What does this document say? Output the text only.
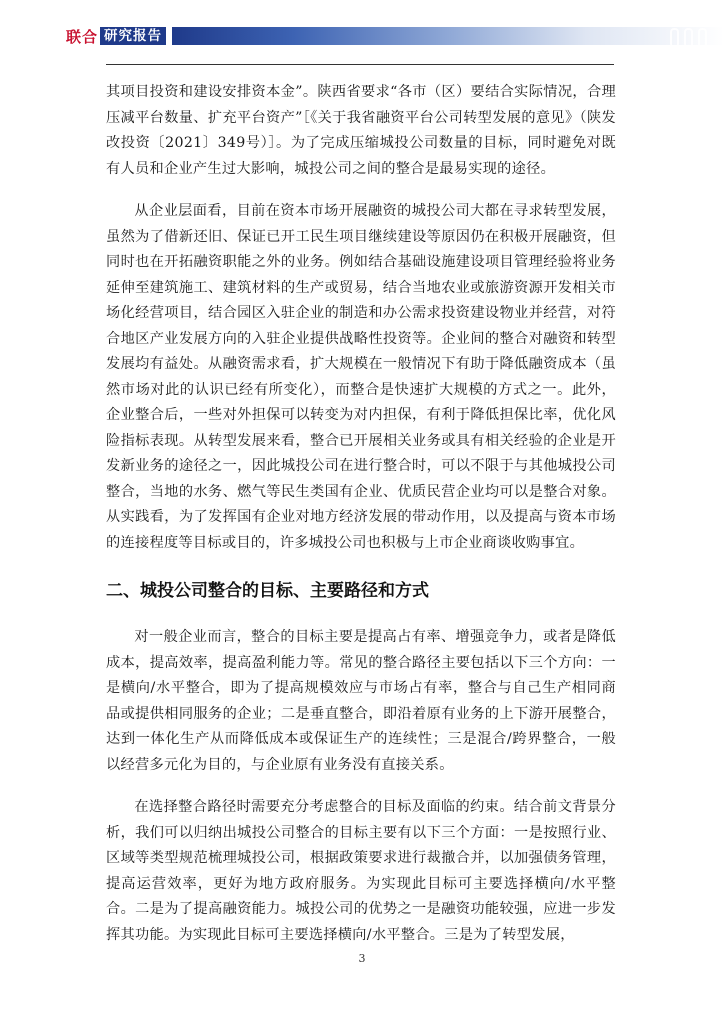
联合 研究报告

其项目投资和建设安排资本金”。陕西省要求“各市（区）要结合实际情况，合理压减平台数量、扩充平台资产”［《关于我省融资平台公司转型发展的意见》（陕发改投资〔2021〕349号）］。为了完成压缩城投公司数量的目标，同时避免对既有人员和企业产生过大影响，城投公司之间的整合是最易实现的途径。

从企业层面看，目前在资本市场开展融资的城投公司大都在寻求转型发展，虽然为了借新还旧、保证已开工民生项目继续建设等原因仍在积极开展融资，但同时也在开拓融资职能之外的业务。例如结合基础设施建设项目管理经验将业务延伸至建筑施工、建筑材料的生产或贸易，结合当地农业或旅游资源开发相关市场化经营项目，结合园区入驻企业的制造和办公需求投资建设物业并经营，对符合地区产业发展方向的入驻企业提供战略性投资等。企业间的整合对融资和转型发展均有益处。从融资需求看，扩大规模在一般情况下有助于降低融资成本（虽然市场对此的认识已经有所变化），而整合是快速扩大规模的方式之一。此外，企业整合后，一些对外担保可以转变为对内担保，有利于降低担保比率，优化风险指标表现。从转型发展来看，整合已开展相关业务或具有相关经验的企业是开发新业务的途径之一，因此城投公司在进行整合时，可以不限于与其他城投公司整合，当地的水务、燃气等民生类国有企业、优质民营企业均可以是整合对象。从实践看，为了发挥国有企业对地方经济发展的带动作用，以及提高与资本市场的连接程度等目标或目的，许多城投公司也积极与上市企业商谈收购事宜。

二、城投公司整合的目标、主要路径和方式

对一般企业而言，整合的目标主要是提高占有率、增强竞争力，或者是降低成本，提高效率，提高盈利能力等。常见的整合路径主要包括以下三个方向：一是横向/水平整合，即为了提高规模效应与市场占有率，整合与自己生产相同商品或提供相同服务的企业；二是垂直整合，即沿着原有业务的上下游开展整合，达到一体化生产从而降低成本或保证生产的连续性；三是混合/跨界整合，一般以经营多元化为目的，与企业原有业务没有直接关系。

在选择整合路径时需要充分考虑整合的目标及面临的约束。结合前文背景分析，我们可以归纳出城投公司整合的目标主要有以下三个方面：一是按照行业、区域等类型规范梳理城投公司，根据政策要求进行裁撤合并，以加强债务管理，提高运营效率，更好为地方政府服务。为实现此目标可主要选择横向/水平整合。二是为了提高融资能力。城投公司的优势之一是融资功能较强，应进一步发挥其功能。为实现此目标可主要选择横向/水平整合。三是为了转型发展，

3
